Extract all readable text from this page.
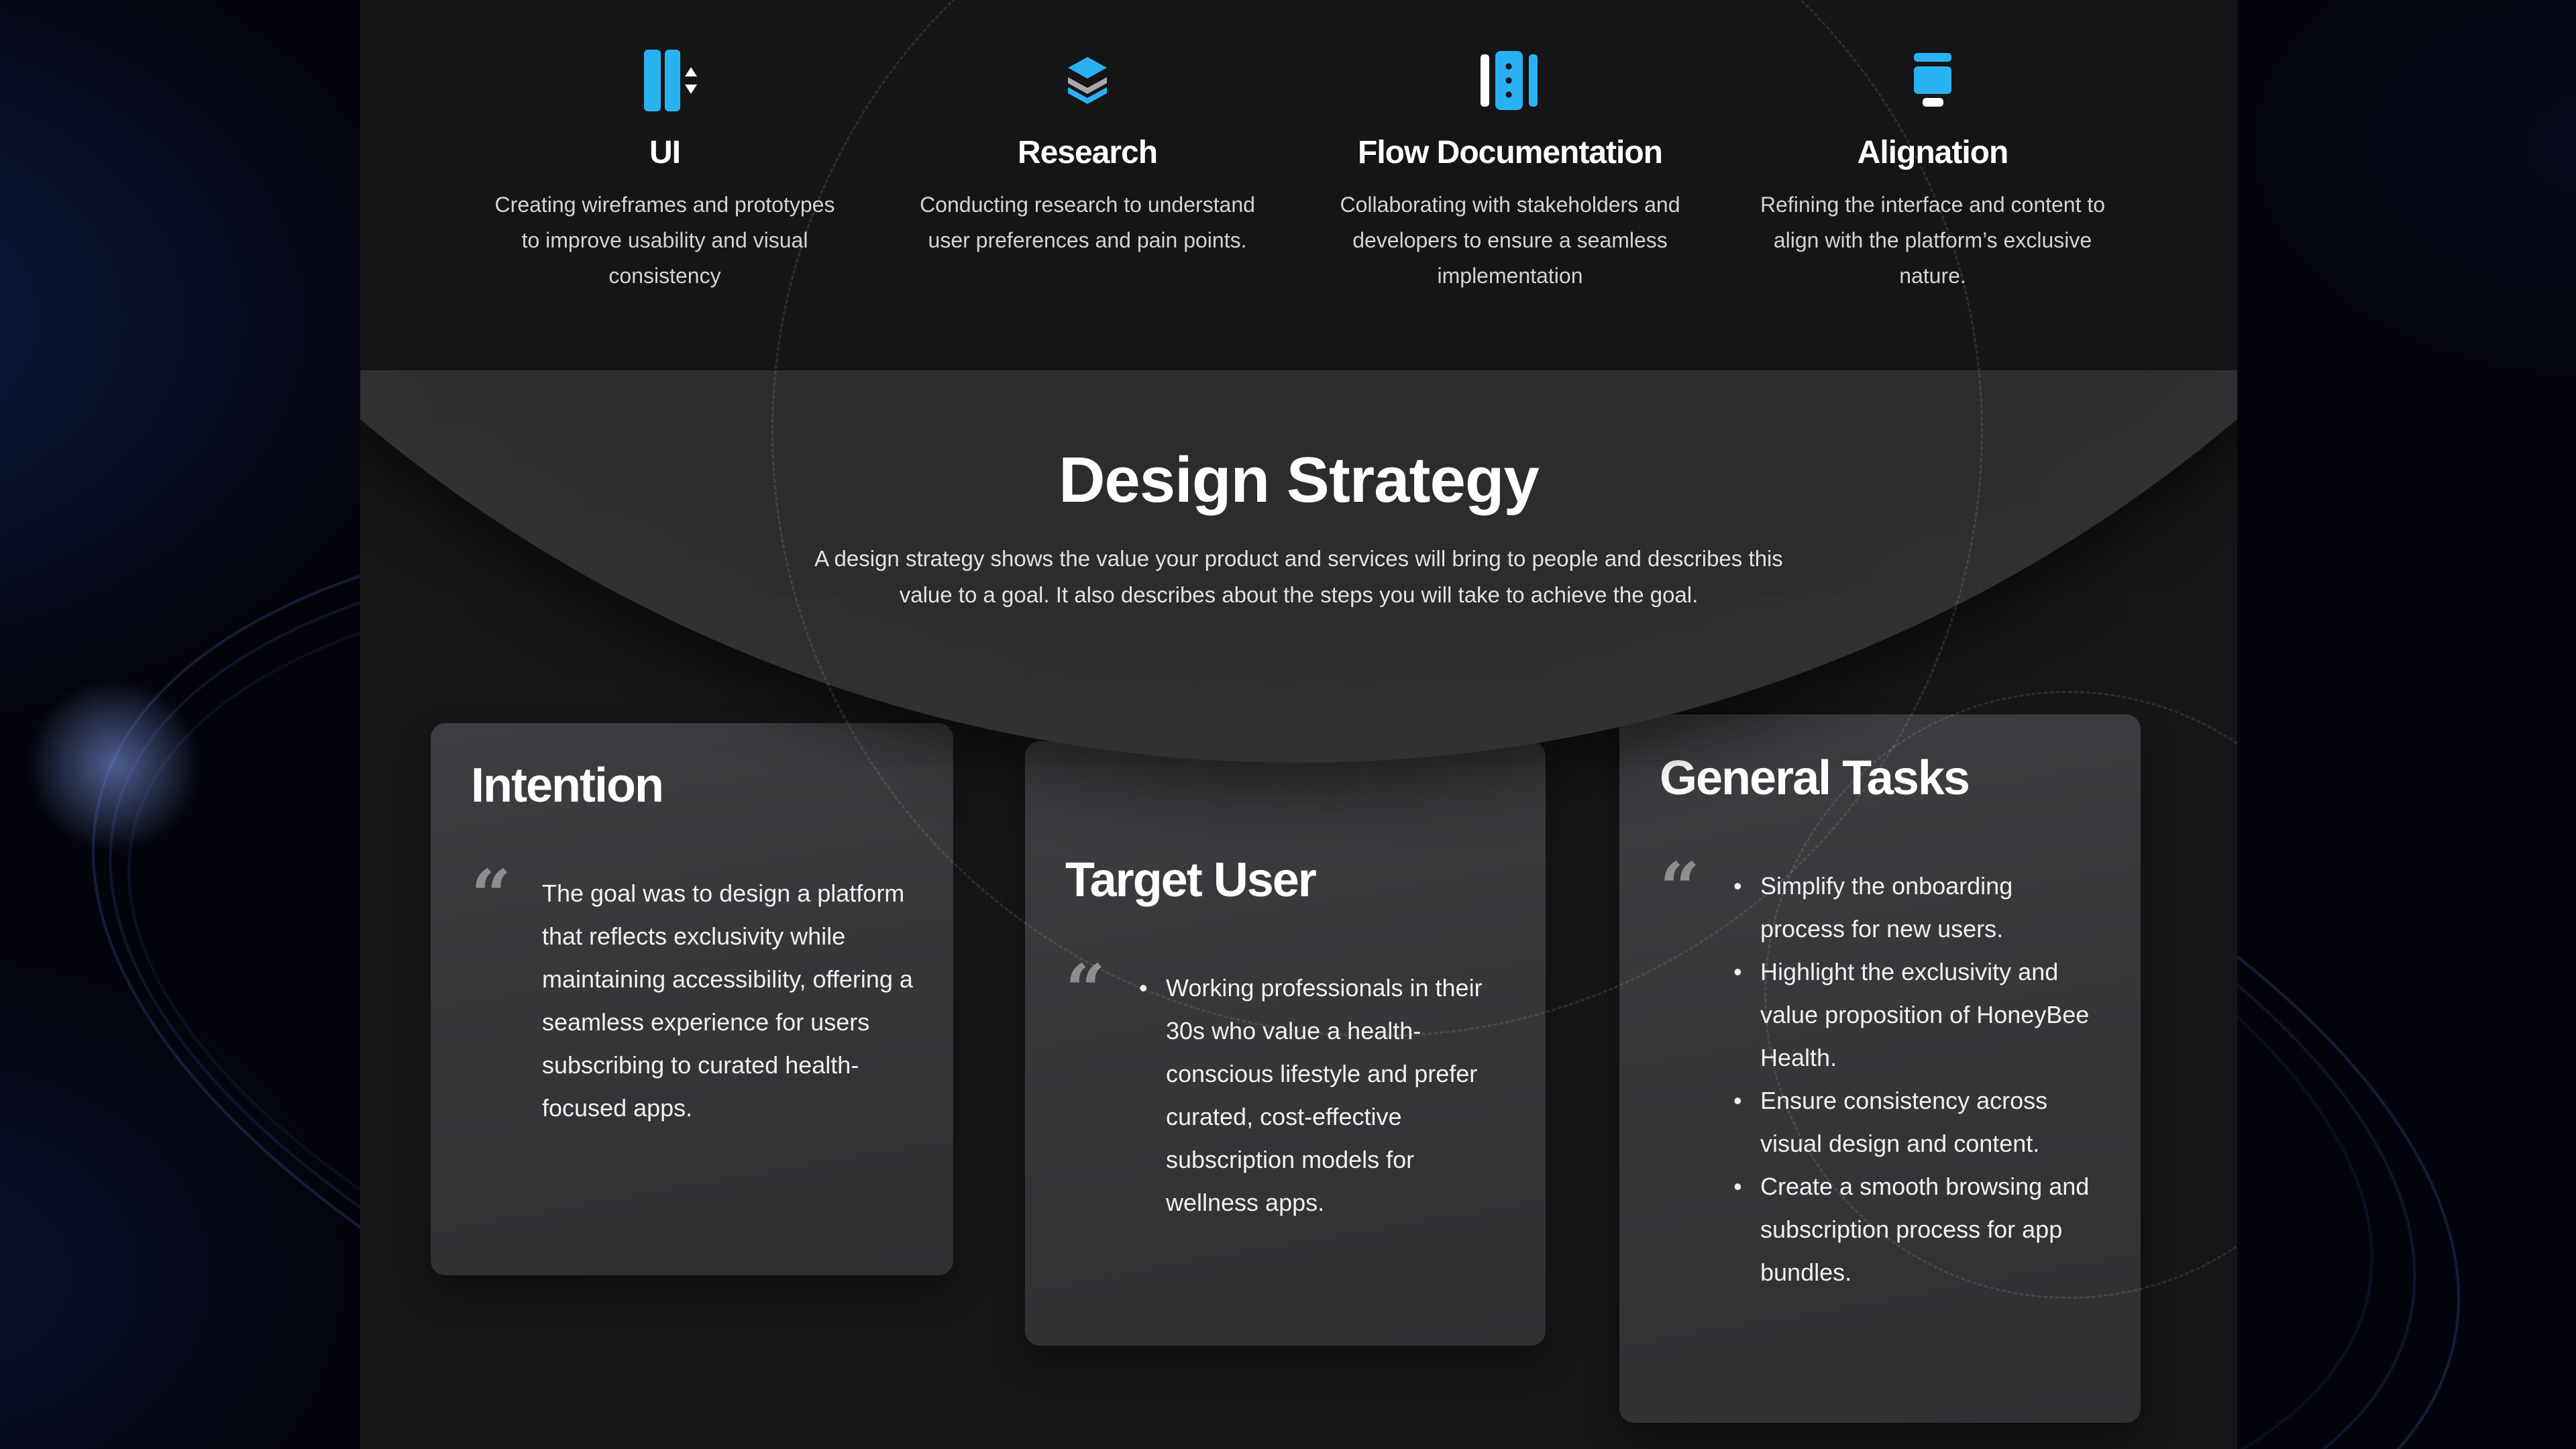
UI

Creating wireframes and prototypes to improve usability and visual consistency

Research

Conducting research to understand user preferences and pain points.

Flow Documentation

Collaborating with stakeholders and developers to ensure a seamless implementation

Alignation

Refining the interface and content to align with the platform’s exclusive nature.

Design Strategy

A design strategy shows the value your product and services will bring to people and describes this value to a goal. It also describes about the steps you will take to achieve the goal.

Intention
“	The goal was to design a platform that reflects exclusivity while maintaining accessibility, offering a seamless experience for users subscribing to curated health-focused apps.

Target User
“	• Working professionals in their 30s who value a health-conscious lifestyle and prefer curated, cost-effective subscription models for wellness apps.
General Tasks
“	• Simplify the onboarding process for new users.
• Highlight the exclusivity and value proposition of HoneyBee Health.
• Ensure consistency across visual design and content.
• Create a smooth browsing and subscription process for app bundles.
